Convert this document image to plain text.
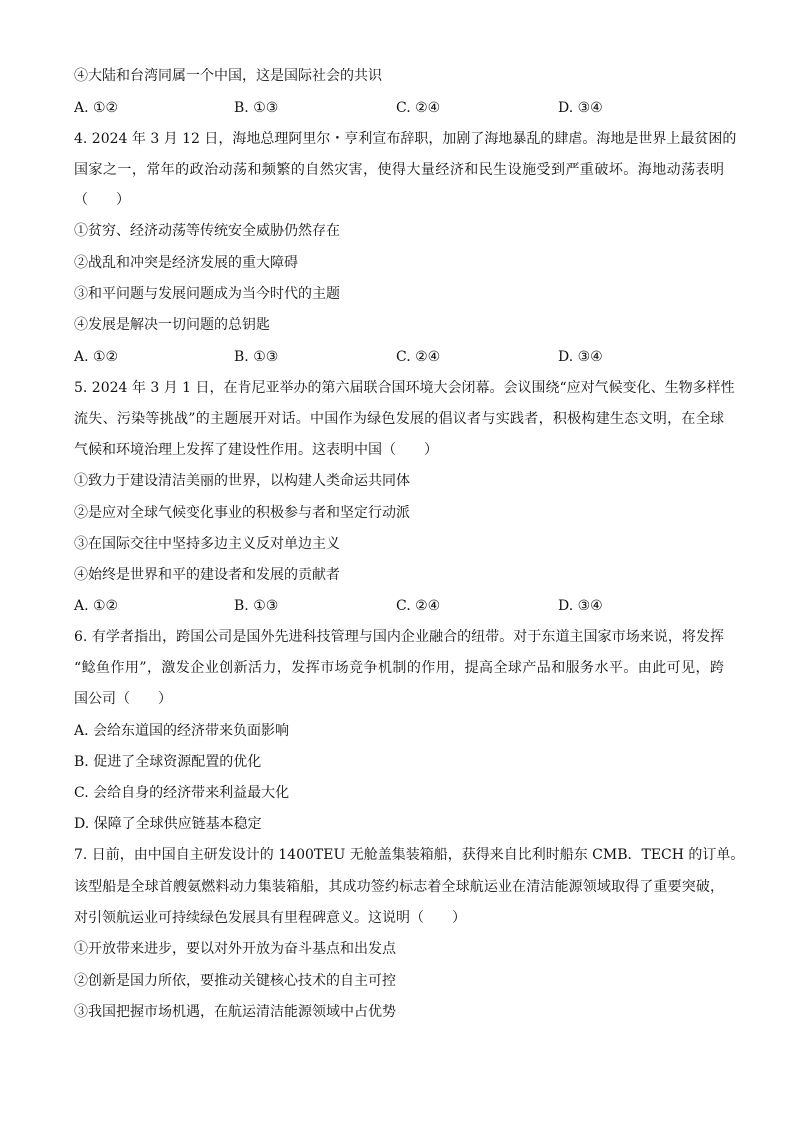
④大陆和台湾同属一个中国，这是国际社会的共识
A. ①②	B. ①③	C. ②④	D. ③④
4. 2024 年 3 月 12 日，海地总理阿里尔・亨利宣布辞职，加剧了海地暴乱的肆虐。海地是世界上最贫困的
国家之一，常年的政治动荡和频繁的自然灾害，使得大量经济和民生设施受到严重破坏。海地动荡表明
（　　）
①贫穷、经济动荡等传统安全威胁仍然存在
②战乱和冲突是经济发展的重大障碍
③和平问题与发展问题成为当今时代的主题
④发展是解决一切问题的总钥匙
A. ①②	B. ①③	C. ②④	D. ③④
5. 2024 年 3 月 1 日，在肯尼亚举办的第六届联合国环境大会闭幕。会议围绕“应对气候变化、生物多样性
流失、污染等挑战”的主题展开对话。中国作为绿色发展的倡议者与实践者，积极构建生态文明，在全球
气候和环境治理上发挥了建设性作用。这表明中国（　　）
①致力于建设清洁美丽的世界，以构建人类命运共同体
②是应对全球气候变化事业的积极参与者和坚定行动派
③在国际交往中坚持多边主义反对单边主义
④始终是世界和平的建设者和发展的贡献者
A. ①②	B. ①③	C. ②④	D. ③④
6. 有学者指出，跨国公司是国外先进科技管理与国内企业融合的纽带。对于东道主国家市场来说，将发挥
“鲶鱼作用”，激发企业创新活力，发挥市场竞争机制的作用，提高全球产品和服务水平。由此可见，跨
国公司（　　）
A. 会给东道国的经济带来负面影响
B. 促进了全球资源配置的优化
C. 会给自身的经济带来利益最大化
D. 保障了全球供应链基本稳定
7. 日前，由中国自主研发设计的 1400TEU 无舱盖集装箱船，获得来自比利时船东 CMB．TECH 的订单。
该型船是全球首艘氨燃料动力集装箱船，其成功签约标志着全球航运业在清洁能源领域取得了重要突破，
对引领航运业可持续绿色发展具有里程碑意义。这说明（　　）
①开放带来进步，要以对外开放为奋斗基点和出发点
②创新是国力所依，要推动关键核心技术的自主可控
③我国把握市场机遇，在航运清洁能源领域中占优势
